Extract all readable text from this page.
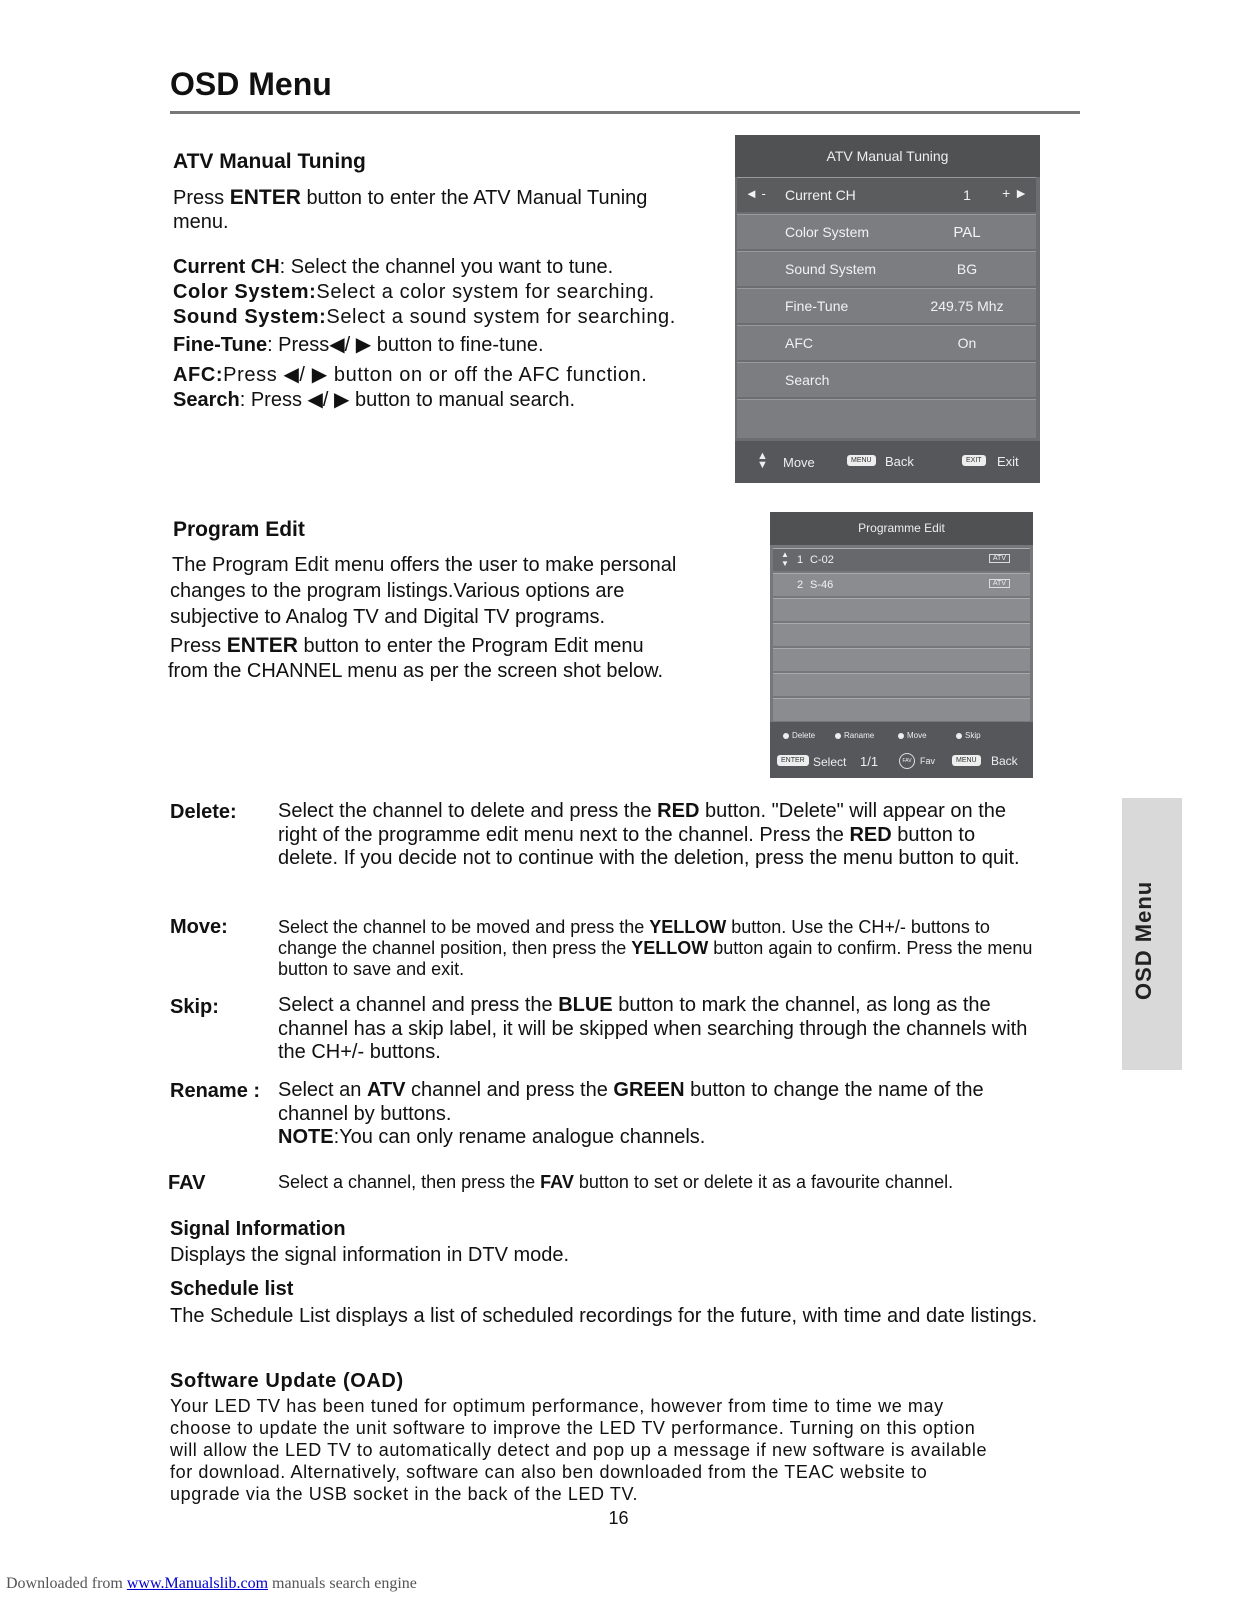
OSD Menu
ATV Manual Tuning
Press ENTER button to enter the ATV Manual Tuning
menu.
Current CH: Select the channel you want to tune.
Color System:Select a color system for searching.
Sound System:Select a sound system for searching.
Fine-Tune: Press◀/ ▶ button to fine-tune.
AFC:Press ◀/ ▶ button on or off the AFC function.
Search: Press ◀/ ▶ button to manual search.
ATV Manual Tuning
◄ - Current CH	1	+ ►
Color System	PAL
Sound System	BG
Fine-Tune	249.75 Mhz
AFC	On
Search
▲
▼ Move	MENU	Back	EXIT	Exit
Program Edit
The Program Edit menu offers the user to make personal
changes to the program listings.Various options are
subjective to Analog TV and Digital TV programs.
Press ENTER button to enter the Program Edit menu
from the CHANNEL menu as per the screen shot below.
Programme Edit
▲
▼ 1 C-02	ATV
2 S-46	ATV
Delete	Raname	Move	Skip
ENTER Select 1/1	FAV Fav	MENU	Back
Delete: Select the channel to delete and press the RED button. "Delete" will appear on the right of the programme edit menu next to the channel. Press the RED button to delete. If you decide not to continue with the deletion, press the menu button to quit.
Move:	Select the channel to be moved and press the YELLOW button. Use the CH+/- buttons to change the channel position, then press the YELLOW button again to confirm. Press the menu button to save and exit.
Skip:	Select a channel and press the BLUE button to mark the channel, as long as the channel has a skip label, it will be skipped when searching through the channels with the CH+/- buttons.
Rename : Select an ATV channel and press the GREEN button to change the name of the channel by buttons.
NOTE:You can only rename analogue channels.
FAV	Select a channel, then press the FAV button to set or delete it as a favourite channel.
Signal Information
Displays the signal information in DTV mode.
Schedule list
The Schedule List displays a list of scheduled recordings for the future, with time and date listings.
Software Update (OAD)
Your LED TV has been tuned for optimum performance, however from time to time we may
choose to update the unit software to improve the LED TV performance. Turning on this option
will allow the LED TV to automatically detect and pop up a message if new software is available
for download. Alternatively, software can also ben downloaded from the TEAC website to
upgrade via the USB socket in the back of the LED TV.
OSD Menu
16
Downloaded from www.Manualslib.com manuals search engine
